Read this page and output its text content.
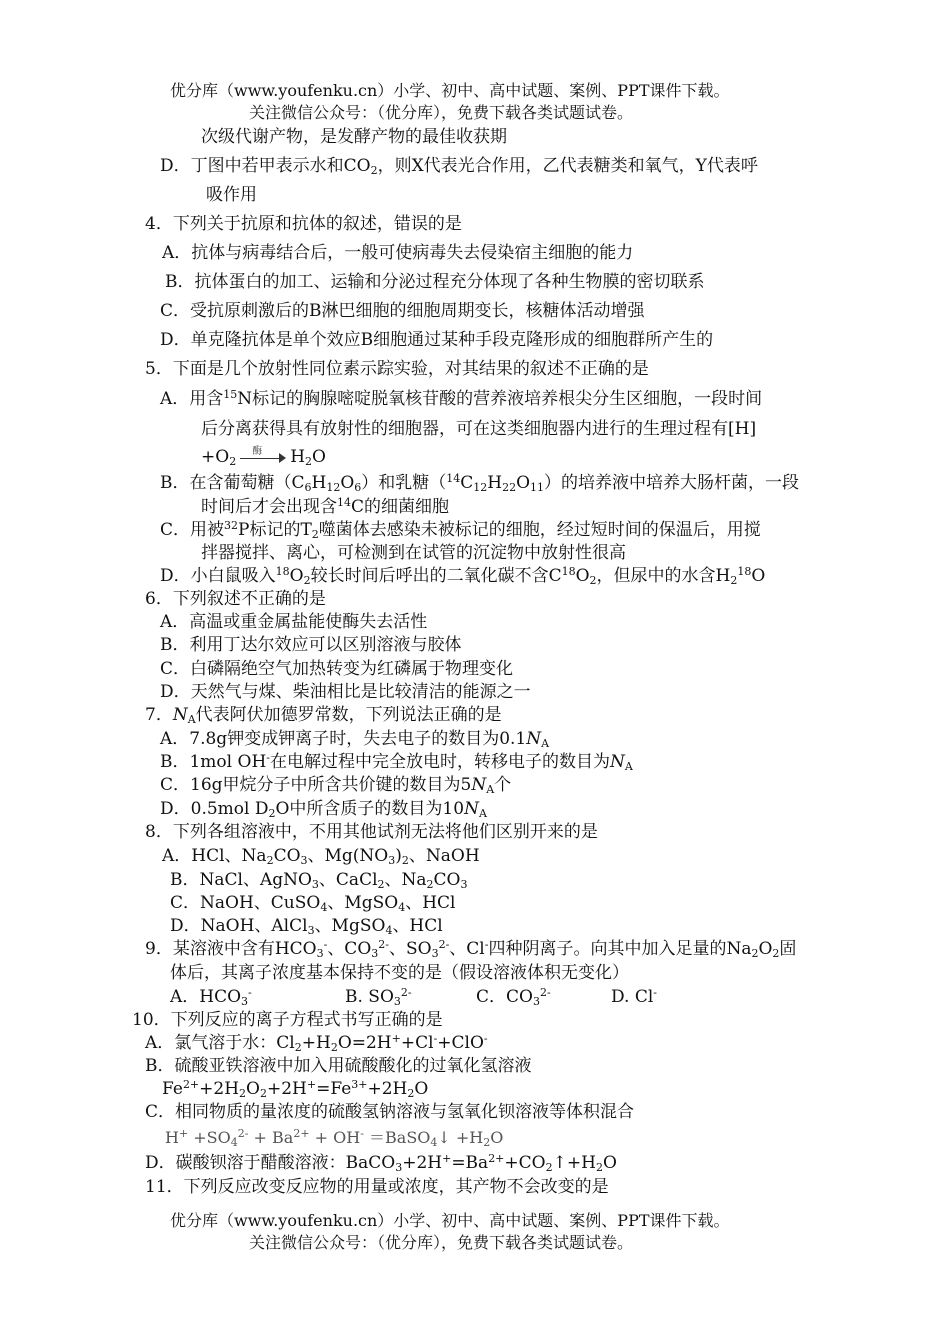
优分库（www.youfenku.cn）小学、初中、高中试题、案例、PPT课件下载。
关注微信公众号：（优分库），免费下载各类试题试卷。
次级代谢产物，是发酵产物的最佳收获期
D．丁图中若甲表示水和$CO_2$，则X代表光合作用，乙代表糖类和氧气，Y代表呼
吸作用
4．下列关于抗原和抗体的叙述，错误的是
A．抗体与病毒结合后，一般可使病毒失去侵染宿主细胞的能力
B．抗体蛋白的加工、运输和分泌过程充分体现了各种生物膜的密切联系
C．受抗原刺激后的B淋巴细胞的细胞周期变长，核糖体活动增强
D．单克隆抗体是单个效应B细胞通过某种手段克隆形成的细胞群所产生的
5．下面是几个放射性同位素示踪实验，对其结果的叙述不正确的是
A．用含$^{15}$N标记的胸腺嘧啶脱氧核苷酸的营养液培养根尖分生区细胞，一段时间
后分离获得具有放射性的细胞器，可在这类细胞器内进行的生理过程有[H]
$+O_2$
酶 $H_2O$
B．在含葡萄糖$(C_6H_{12}O_6)$和乳糖$(^{14}C_{12}H_{22}O_{11})$的培养液中培养大肠杆菌，一段
时间后才会出现含$^{14}$C的细菌细胞
C．用被$^{32}$P标记的$T_2$噬菌体去感染未被标记的细胞，经过短时间的保温后，用搅
拌器搅拌、离心，可检测到在试管的沉淀物中放射性很高
D．小白鼠吸入$^{18}O_2$较长时间后呼出的二氧化碳不含$C^{18}O_2$，但尿中的水含$H_2^{18}O$
6．下列叙述不正确的是
A．高温或重金属盐能使酶失去活性
B．利用丁达尔效应可以区别溶液与胶体
C．白磷隔绝空气加热转变为红磷属于物理变化
D．天然气与煤、柴油相比是比较清洁的能源之一
7．$N_A$代表阿伏加德罗常数，下列说法正确的是
A．7.8g钾变成钾离子时，失去电子的数目为$0.1N_A$
B．1mol OH-在电解过程中完全放电时，转移电子的数目为$N_A$
C．16g甲烷分子中所含共价键的数目为$5N_A$个
D．0.5mol $D_2O$中所含质子的数目为$10N_A$
8．下列各组溶液中，不用其他试剂无法将他们区别开来的是
A．HCl、$Na_2CO_3$、$Mg(NO_3)_2$、NaOH
B．NaCl、AgNO$_3$、CaCl$_2$、$Na_2CO_3$
C．NaOH、CuSO$_4$、MgSO$_4$、HCl
D．NaOH、AlCl$_3$、MgSO$_4$、HCl
9．某溶液中含有$HCO_3^-$、$CO_3^{2-}$、$SO_3^{2-}$、Cl-四种阴离子。向其中加入足量的$Na_2O_2$固
体后，其离子浓度基本保持不变的是（假设溶液体积无变化）
A．$HCO_3^-$	B. $SO_3^{2-}$	C．$CO_3^{2-}$	D. Cl-
10．下列反应的离子方程式书写正确的是
A．氯气溶于水：$Cl_2+H_2O=2H^++Cl^-+ClO^-$
B．硫酸亚铁溶液中加入用硫酸酸化的过氧化氢溶液
$Fe^{2+}+2H_2O_2+2H^+=Fe^{3+}+2H_2O$
C．相同物质的量浓度的硫酸氢钠溶液与氢氧化钡溶液等体积混合
$H^+ +SO_4^{2-} + Ba^{2+} + OH^-$ ＝BaSO$_4$↓ $+H_2O$
D．碳酸钡溶于醋酸溶液：$BaCO_3+2H^+=Ba^{2+}+CO_2↑+H_2O$
11．下列反应改变反应物的用量或浓度，其产物不会改变的是
优分库（www.youfenku.cn）小学、初中、高中试题、案例、PPT课件下载。
关注微信公众号：（优分库），免费下载各类试题试卷。
